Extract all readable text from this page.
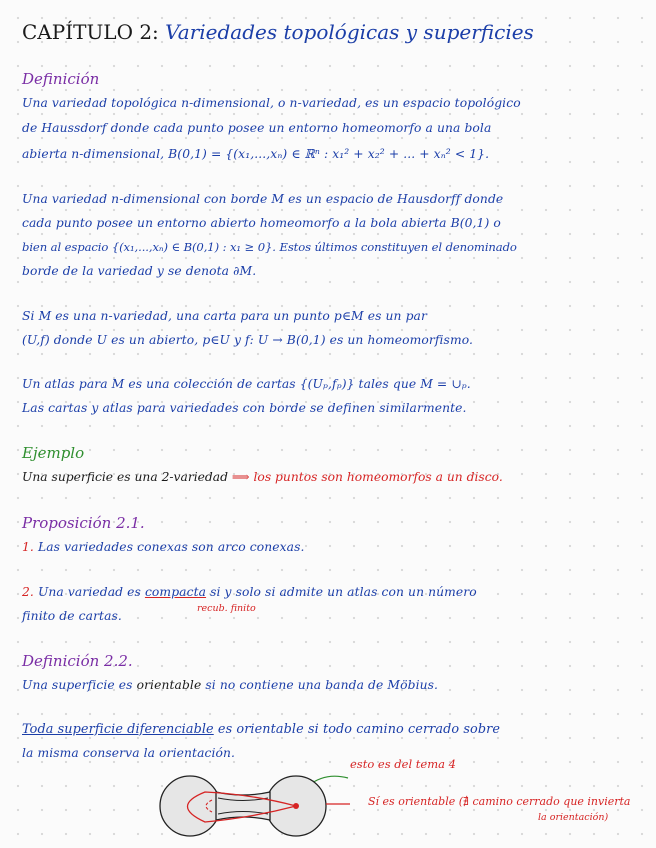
CAPÍTULO 2: Variedades topológicas y superficies
Definición
Una variedad topológica n-dimensional, o n-variedad, es un espacio topológico
de Haussdorf donde cada punto posee un entorno homeomorfo a una bola
abierta n-dimensional, B(0,1) = {(x₁,...,xₙ) ∈ ℝⁿ : x₁² + x₂² + ... + xₙ² < 1}.
Una variedad n-dimensional con borde M es un espacio de Hausdorff donde
cada punto posee un entorno abierto homeomorfo a la bola abierta B(0,1) o
bien al espacio {(x₁,...,xₙ) ∈ B(0,1) : x₁ ≥ 0}. Estos últimos constituyen el denominado
borde de la variedad y se denota ∂M.
Si M es una n-variedad, una carta para un punto p∈M es un par
(U,f) donde U es un abierto, p∈U y f: U → B(0,1) es un homeomorfismo.
Un atlas para M es una colección de cartas {(Uₚ,fₚ)} tales que M = ∪ₚ.
Las cartas y atlas para variedades con borde se definen similarmente.
Ejemplo
Una superficie es una 2-variedad ⟹ los puntos son homeomorfos a un disco.
Proposición 2.1.
1. Las variedades conexas son arco conexas.
2. Una variedad es compacta si y solo si admite un atlas con un número
finito de cartas.
recub. finito
Definición 2.2.
Una superficie es orientable si no contiene una banda de Möbius.
Toda superficie diferenciable es orientable si todo camino cerrado sobre
la misma conserva la orientación.
esto es del tema 4
Sí es orientable (∄ camino cerrado que invierta
la orientación)
